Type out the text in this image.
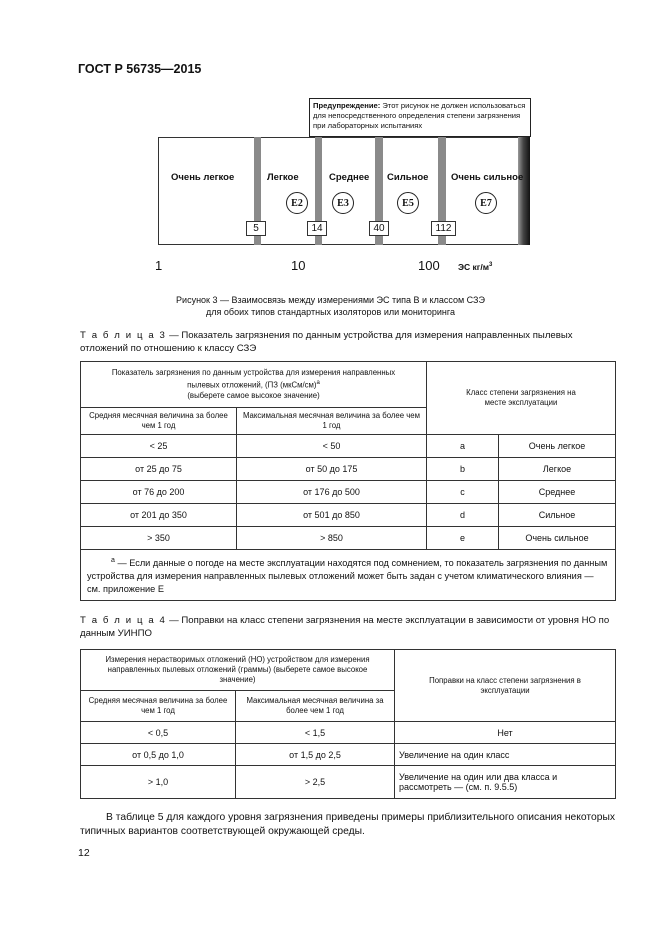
ГОСТ Р 56735—2015
Предупреждение: Этот рисунок не должен использоваться для непосредственного определения степени загрязнения при лабораторных испытаниях
Очень легкое	Легкое	Среднее Сильное Очень сильное
E2	E3	E5	E7
5	14	40	112
1	10	100 ЭС $кг/м^3$
Рисунок 3 — Взаимосвязь между измерениями ЭС типа В и классом СЗЭ
для обоих типов стандартных изоляторов или мониторинга
Т а б л и ц а 3 — Показатель загрязнения по данным устройства для измерения направленных пылевых отложений по отношению к классу СЗЭ
Показатель загрязнения по данным устройства для измерения направленных
пылевых отложений, (ПЗ (мкСм/см)$^a$
(выберете самое высокое значение)		Класс степени загрязнения на месте эксплуатации	
Средняя месячная величина за более чем 1 год	Максимальная месячная величина за более чем 1 год		
< 25	< 50	a	Очень легкое
от 25 до 75	от 50 до 175	b	Легкое
от 76 до 200	от 176 до 500	c	Среднее
от 201 до 350	от 501 до 850	d	Сильное
> 350	> 850	e	Очень сильное
$^a$ — Если данные о погоде на месте эксплуатации находятся под сомнением, то показатель загрязнения по данным устройства для измерения направленных пылевых отложений может быть задан с учетом климатического влияния — см. приложение Е			
Т а б л и ц а 4 — Поправки на класс степени загрязнения на месте эксплуатации в зависимости от уровня НО по данным УИНПО
Измерения нерастворимых отложений (НО) устройством для измерения направленных пылевых отложений (граммы) (выберете самое высокое значение)		Поправки на класс степени загрязнения в эксплуатации
Средняя месячная величина за более чем 1 год	Максимальная месячная величина за более чем 1 год	
< 0,5	< 1,5	Нет
от 0,5 до 1,0	от 1,5 до 2,5	Увеличение на один класс
> 1,0	> 2,5	Увеличение на один или два класса и рассмотреть — (см. п. 9.5.5)
В таблице 5 для каждого уровня загрязнения приведены примеры приблизительного описания некоторых типичных вариантов соответствующей окружающей среды.
12
